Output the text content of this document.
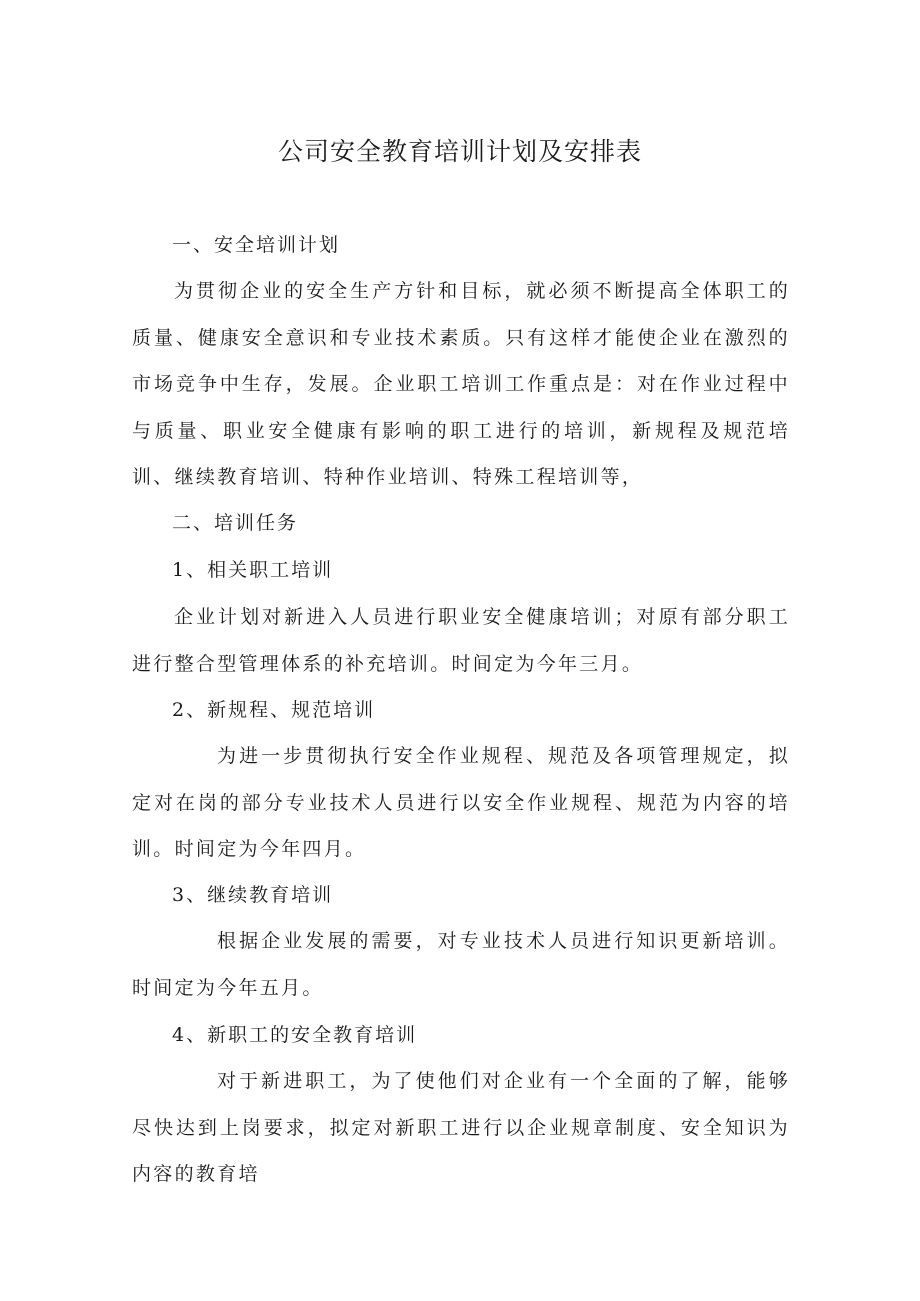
公司安全教育培训计划及安排表
一、安全培训计划
为贯彻企业的安全生产方针和目标，就必须不断提高全体职工的质量、健康安全意识和专业技术素质。只有这样才能使企业在激烈的市场竞争中生存，发展。企业职工培训工作重点是：对在作业过程中与质量、职业安全健康有影响的职工进行的培训，新规程及规范培训、继续教育培训、特种作业培训、特殊工程培训等，
二、培训任务
1、相关职工培训
企业计划对新进入人员进行职业安全健康培训；对原有部分职工进行整合型管理体系的补充培训。时间定为今年三月。
2、新规程、规范培训
为进一步贯彻执行安全作业规程、规范及各项管理规定，拟定对在岗的部分专业技术人员进行以安全作业规程、规范为内容的培训。时间定为今年四月。
3、继续教育培训
根据企业发展的需要，对专业技术人员进行知识更新培训。时间定为今年五月。
4、新职工的安全教育培训
对于新进职工，为了使他们对企业有一个全面的了解，能够尽快达到上岗要求，拟定对新职工进行以企业规章制度、安全知识为内容的教育培
